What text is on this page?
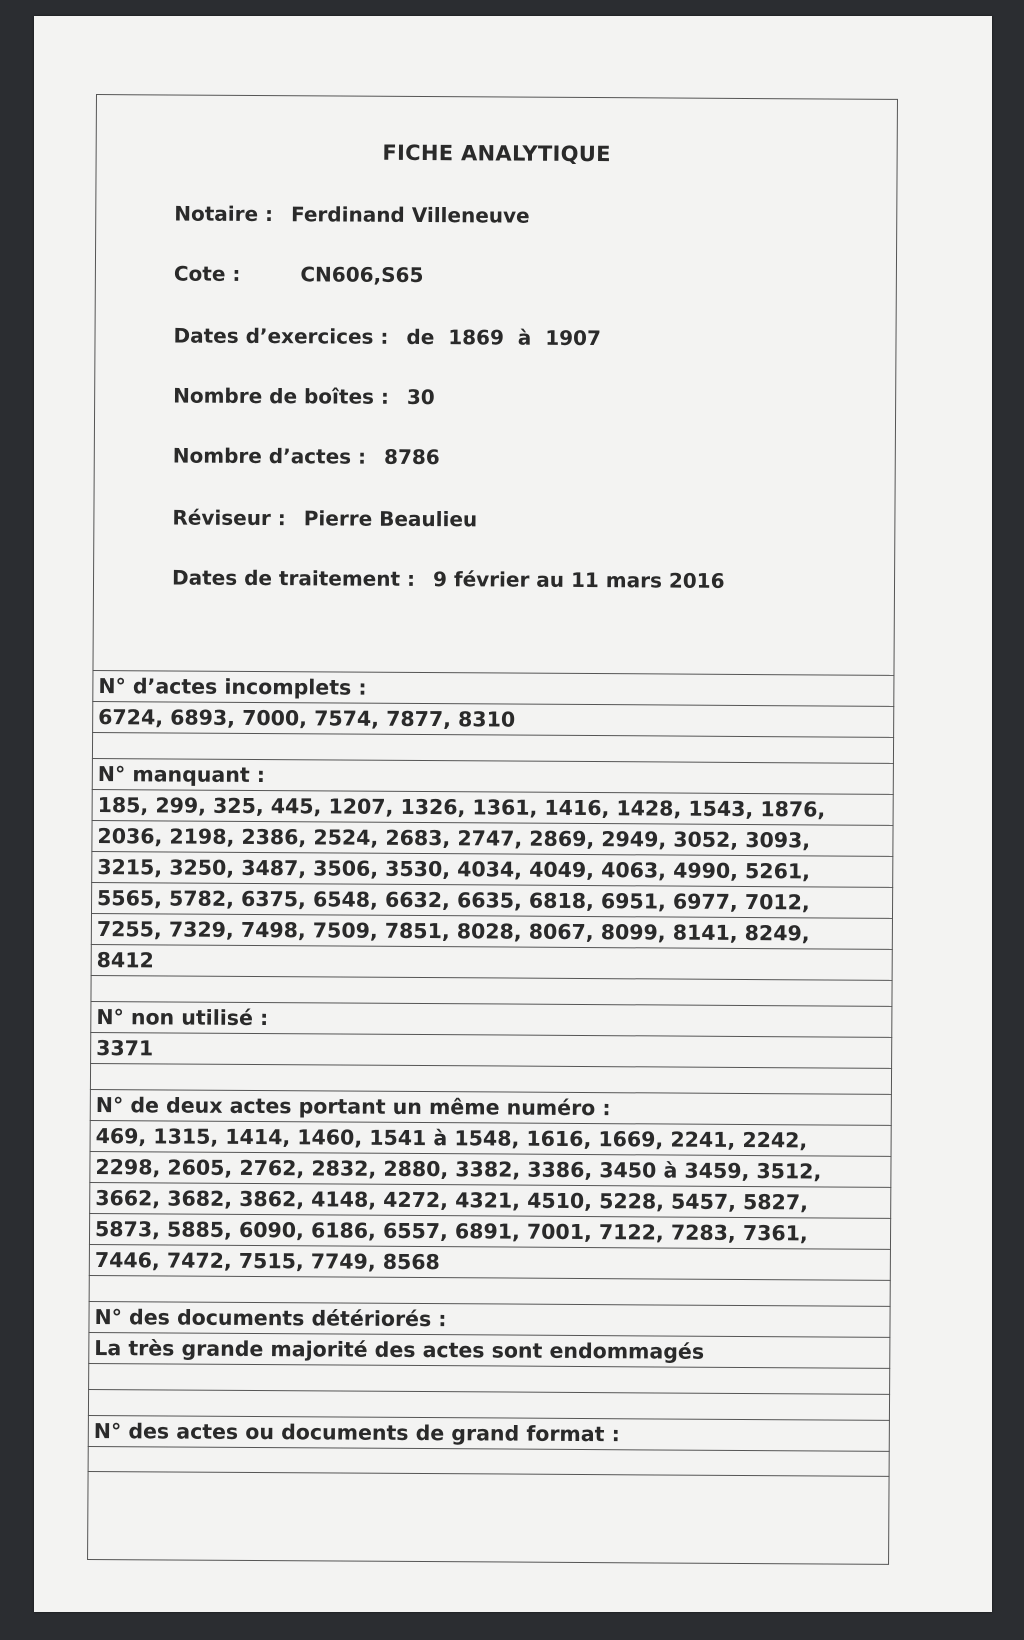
FICHE ANALYTIQUE
Notaire : Ferdinand Villeneuve
Cote :	CN606,S65
Dates d’exercices : de  1869  à  1907
Nombre de boîtes : 30
Nombre d’actes : 8786
Réviseur : Pierre Beaulieu
Dates de traitement : 9 février au 11 mars 2016
N° d’actes incomplets :
6724, 6893, 7000, 7574, 7877, 8310
N° manquant :
185, 299, 325, 445, 1207, 1326, 1361, 1416, 1428, 1543, 1876,
2036, 2198, 2386, 2524, 2683, 2747, 2869, 2949, 3052, 3093,
3215, 3250, 3487, 3506, 3530, 4034, 4049, 4063, 4990, 5261,
5565, 5782, 6375, 6548, 6632, 6635, 6818, 6951, 6977, 7012,
7255, 7329, 7498, 7509, 7851, 8028, 8067, 8099, 8141, 8249,
8412
N° non utilisé :
3371
N° de deux actes portant un même numéro :
469, 1315, 1414, 1460, 1541 à 1548, 1616, 1669, 2241, 2242,
2298, 2605, 2762, 2832, 2880, 3382, 3386, 3450 à 3459, 3512,
3662, 3682, 3862, 4148, 4272, 4321, 4510, 5228, 5457, 5827,
5873, 5885, 6090, 6186, 6557, 6891, 7001, 7122, 7283, 7361,
7446, 7472, 7515, 7749, 8568
N° des documents détériorés :
La très grande majorité des actes sont endommagés
N° des actes ou documents de grand format :
